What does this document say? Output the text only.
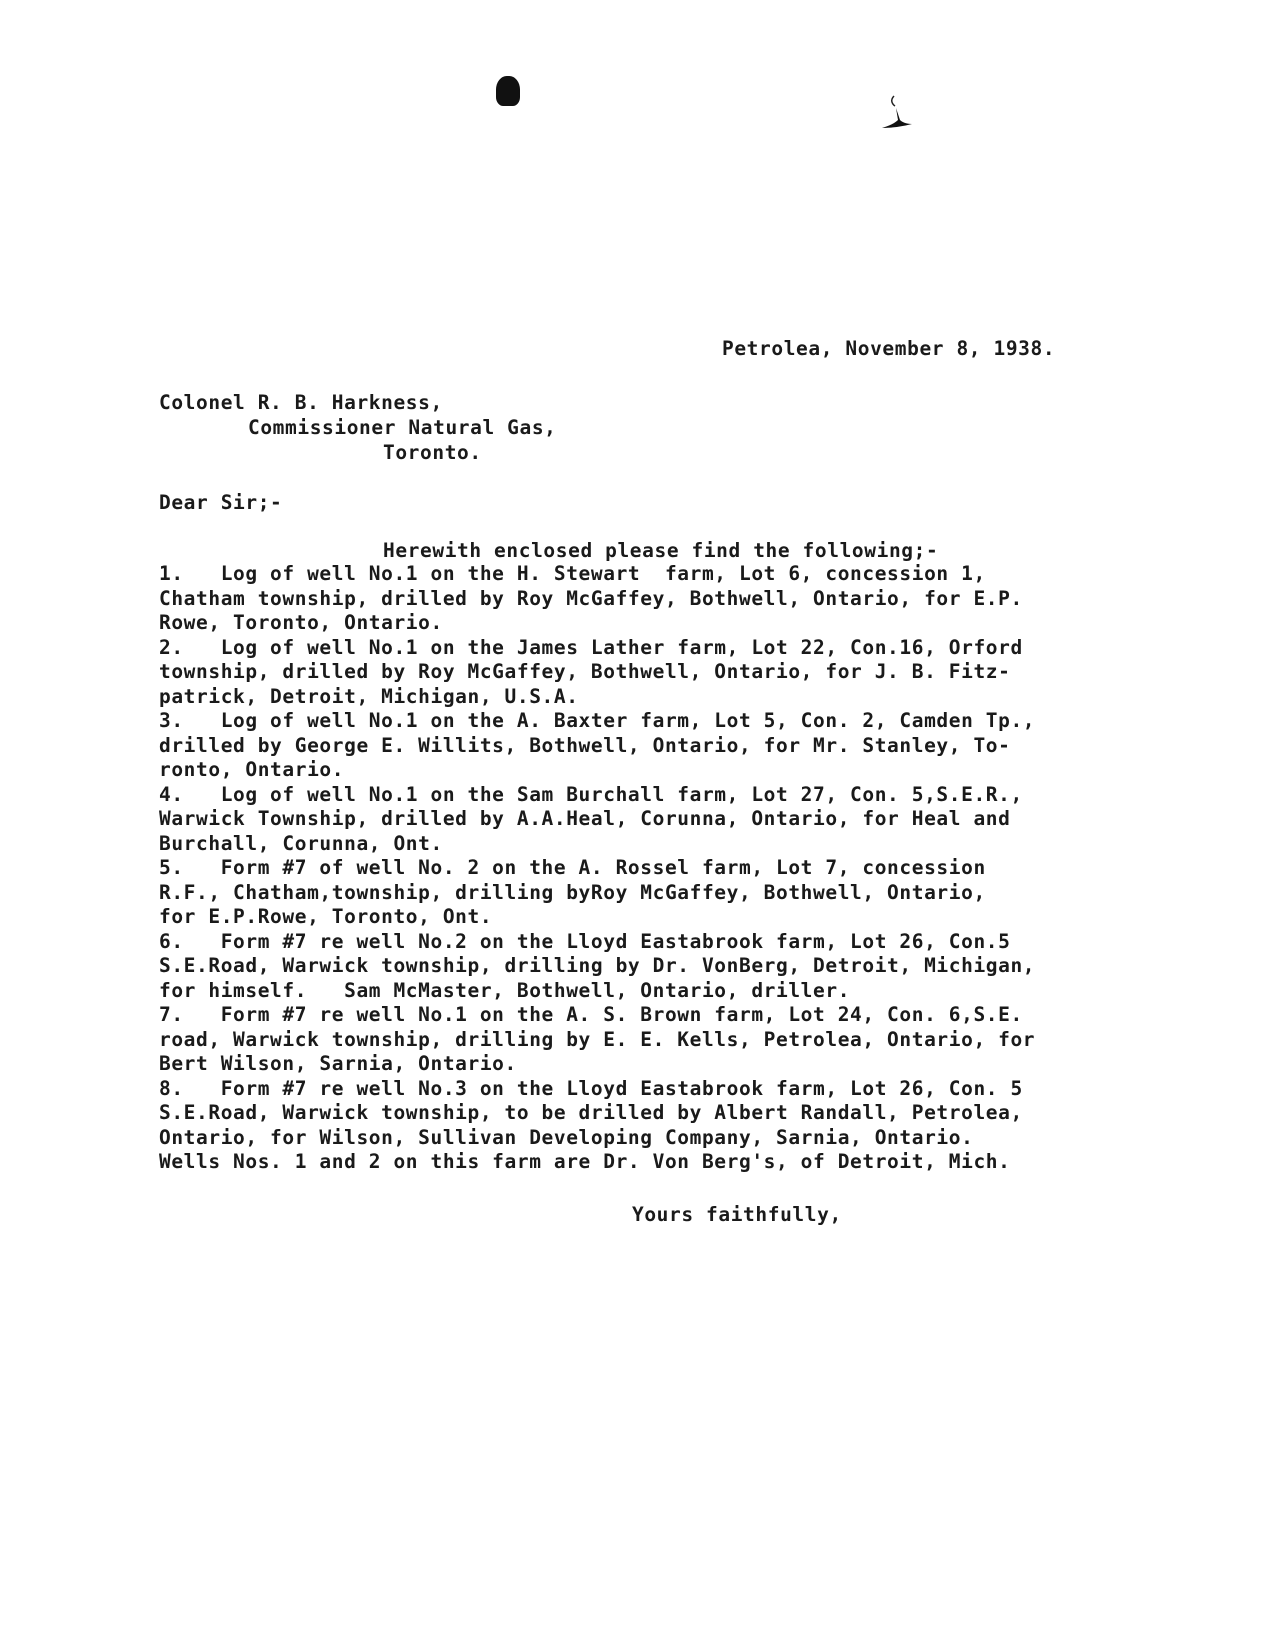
Petrolea, November 8, 1938.
Colonel R. B. Harkness,
Commissioner Natural Gas,
Toronto.
Dear Sir;-
Herewith enclosed please find the following;-
1.   Log of well No.1 on the H. Stewart  farm, Lot 6, concession 1,
Chatham township, drilled by Roy McGaffey, Bothwell, Ontario, for E.P.
Rowe, Toronto, Ontario.
2.   Log of well No.1 on the James Lather farm, Lot 22, Con.16, Orford
township, drilled by Roy McGaffey, Bothwell, Ontario, for J. B. Fitz-
patrick, Detroit, Michigan, U.S.A.
3.   Log of well No.1 on the A. Baxter farm, Lot 5, Con. 2, Camden Tp.,
drilled by George E. Willits, Bothwell, Ontario, for Mr. Stanley, To-
ronto, Ontario.
4.   Log of well No.1 on the Sam Burchall farm, Lot 27, Con. 5,S.E.R.,
Warwick Township, drilled by A.A.Heal, Corunna, Ontario, for Heal and
Burchall, Corunna, Ont.
5.   Form #7 of well No. 2 on the A. Rossel farm, Lot 7, concession
R.F., Chatham,township, drilling byRoy McGaffey, Bothwell, Ontario,
for E.P.Rowe, Toronto, Ont.
6.   Form #7 re well No.2 on the Lloyd Eastabrook farm, Lot 26, Con.5
S.E.Road, Warwick township, drilling by Dr. VonBerg, Detroit, Michigan,
for himself.   Sam McMaster, Bothwell, Ontario, driller.
7.   Form #7 re well No.1 on the A. S. Brown farm, Lot 24, Con. 6,S.E.
road, Warwick township, drilling by E. E. Kells, Petrolea, Ontario, for
Bert Wilson, Sarnia, Ontario.
8.   Form #7 re well No.3 on the Lloyd Eastabrook farm, Lot 26, Con. 5
S.E.Road, Warwick township, to be drilled by Albert Randall, Petrolea,
Ontario, for Wilson, Sullivan Developing Company, Sarnia, Ontario.
Wells Nos. 1 and 2 on this farm are Dr. Von Berg's, of Detroit, Mich.
Yours faithfully,
